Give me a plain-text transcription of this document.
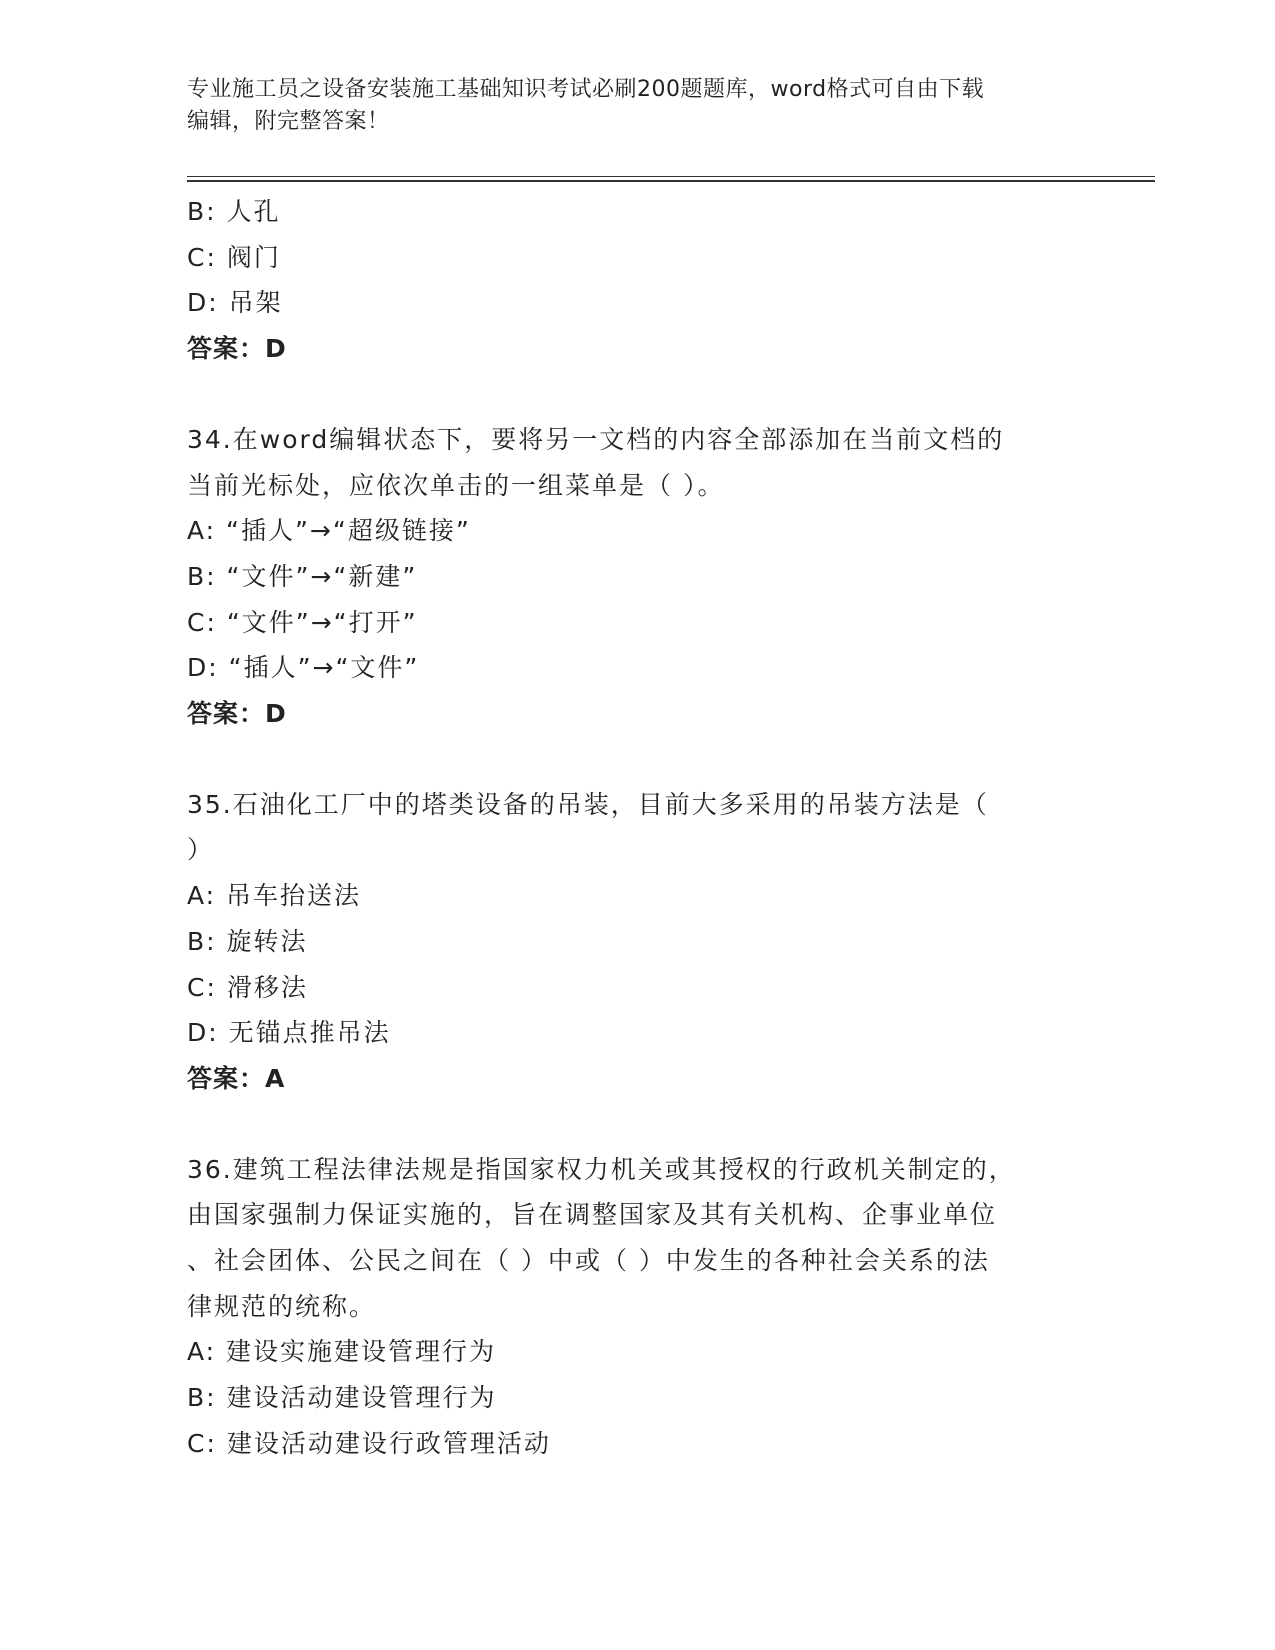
专业施工员之设备安装施工基础知识考试必刷200题题库，word格式可自由下载
编辑，附完整答案！
B: 人孔
C: 阀门
D: 吊架
答案：D
34.在word编辑状态下，要将另一文档的内容全部添加在当前文档的
当前光标处，应依次单击的一组菜单是（ ）。
A: “插人”→“超级链接”
B: “文件”→“新建”
C: “文件”→“打开”
D: “插人”→“文件”
答案：D
35.石油化工厂中的塔类设备的吊装，目前大多采用的吊装方法是（
）
A: 吊车抬送法
B: 旋转法
C: 滑移法
D: 无锚点推吊法
答案：A
36.建筑工程法律法规是指国家权力机关或其授权的行政机关制定的，
由国家强制力保证实施的，旨在调整国家及其有关机构、企事业单位
、社会团体、公民之间在（ ）中或（ ）中发生的各种社会关系的法
律规范的统称。
A: 建设实施建设管理行为
B: 建设活动建设管理行为
C: 建设活动建设行政管理活动
